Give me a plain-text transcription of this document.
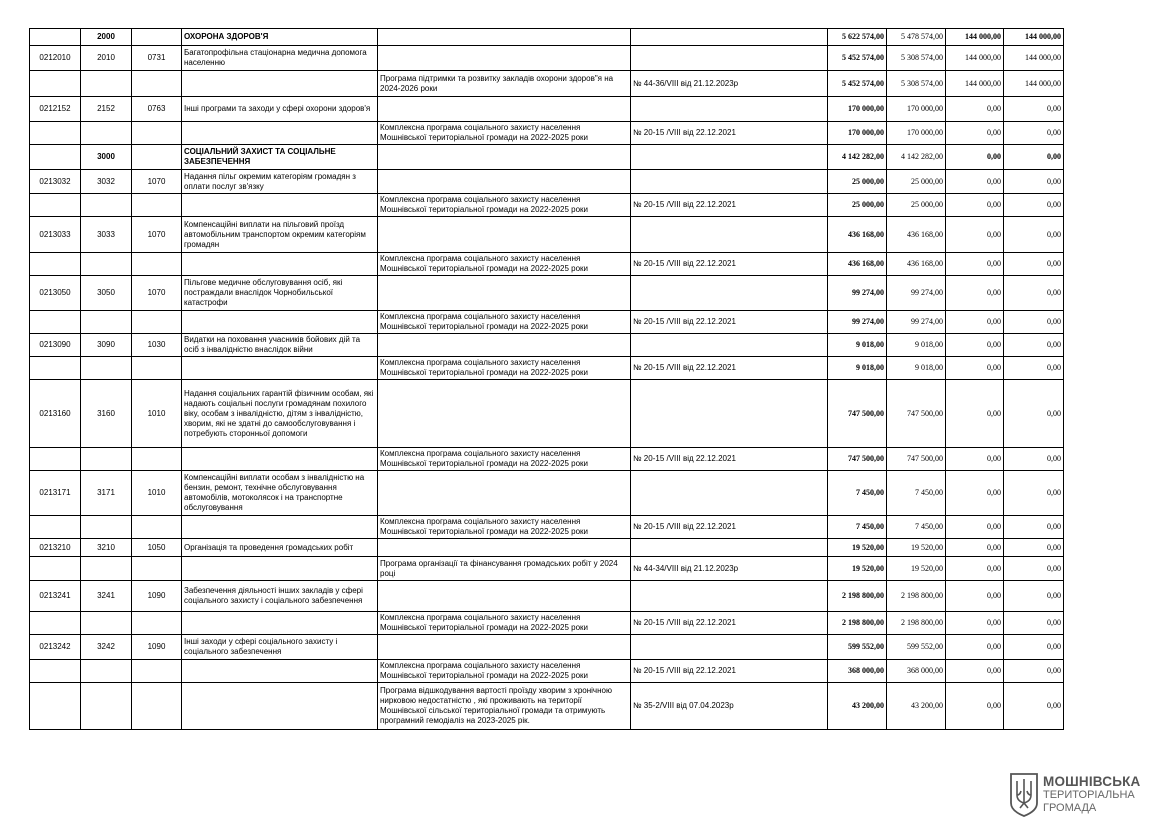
	2000		ОХОРОНА ЗДОРОВ'Я			5 622 574,00	5 478 574,00	144 000,00	144 000,00
0212010	2010	0731	Багатопрофільна стаціонарна медична допомога населенню			5 452 574,00	5 308 574,00	144 000,00	144 000,00
				Програма підтримки та розвитку закладів охорони здоров"я на 2024-2026 роки	№ 44-36/VIII від 21.12.2023р	5 452 574,00	5 308 574,00	144 000,00	144 000,00
0212152	2152	0763	Інші програми та заходи у сфері охорони здоров'я			170 000,00	170 000,00	0,00	0,00
				Комплексна програма соціального захисту населення Мошнівської територіальної громади на 2022-2025 роки	№ 20-15 /VIII від 22.12.2021	170 000,00	170 000,00	0,00	0,00
	3000		СОЦІАЛЬНИЙ ЗАХИСТ ТА СОЦІАЛЬНЕ ЗАБЕЗПЕЧЕННЯ			4 142 282,00	4 142 282,00	0,00	0,00
0213032	3032	1070	Надання пільг окремим категоріям громадян з оплати послуг зв'язку			25 000,00	25 000,00	0,00	0,00
				Комплексна програма соціального захисту населення Мошнівської територіальної громади на 2022-2025 роки	№ 20-15 /VIII від 22.12.2021	25 000,00	25 000,00	0,00	0,00
0213033	3033	1070	Компенсаційні виплати на пільговий проїзд автомобільним транспортом окремим категоріям громадян			436 168,00	436 168,00	0,00	0,00
				Комплексна програма соціального захисту населення Мошнівської територіальної громади на 2022-2025 роки	№ 20-15 /VIII від 22.12.2021	436 168,00	436 168,00	0,00	0,00
0213050	3050	1070	Пільгове медичне обслуговування осіб, які постраждали внаслідок Чорнобильської катастрофи			99 274,00	99 274,00	0,00	0,00
				Комплексна програма соціального захисту населення Мошнівської територіальної громади на 2022-2025 роки	№ 20-15 /VIII від 22.12.2021	99 274,00	99 274,00	0,00	0,00
0213090	3090	1030	Видатки на поховання учасників бойових дій та осіб з інвалідністю внаслідок війни			9 018,00	9 018,00	0,00	0,00
				Комплексна програма соціального захисту населення Мошнівської територіальної громади на 2022-2025 роки	№ 20-15 /VIII від 22.12.2021	9 018,00	9 018,00	0,00	0,00
0213160	3160	1010	Надання соціальних гарантій фізичним особам, які надають соціальні послуги громадянам похилого віку, особам з інвалідністю, дітям з інвалідністю, хворим, які не здатні до самообслуговування і потребують сторонньої допомоги			747 500,00	747 500,00	0,00	0,00
				Комплексна програма соціального захисту населення Мошнівської територіальної громади на 2022-2025 роки	№ 20-15 /VIII від 22.12.2021	747 500,00	747 500,00	0,00	0,00
0213171	3171	1010	Компенсаційні виплати особам з інвалідністю на бензин, ремонт, технічне обслуговування автомобілів, мотоколясок і на транспортне обслуговування			7 450,00	7 450,00	0,00	0,00
				Комплексна програма соціального захисту населення Мошнівської територіальної громади на 2022-2025 роки	№ 20-15 /VIII від 22.12.2021	7 450,00	7 450,00	0,00	0,00
0213210	3210	1050	Організація та проведення громадських робіт			19 520,00	19 520,00	0,00	0,00
				Програма організації та фінансування громадських робіт у 2024 році	№ 44-34/VIII від 21.12.2023р	19 520,00	19 520,00	0,00	0,00
0213241	3241	1090	Забезпечення діяльності інших закладів у сфері соціального захисту і соціального забезпечення			2 198 800,00	2 198 800,00	0,00	0,00
				Комплексна програма соціального захисту населення Мошнівської територіальної громади на 2022-2025 роки	№ 20-15 /VIII від 22.12.2021	2 198 800,00	2 198 800,00	0,00	0,00
0213242	3242	1090	Інші заходи у сфері соціального захисту і соціального забезпечення			599 552,00	599 552,00	0,00	0,00
				Комплексна програма соціального захисту населення Мошнівської територіальної громади на 2022-2025 роки	№ 20-15 /VIII від 22.12.2021	368 000,00	368 000,00	0,00	0,00
				Програма відшкодування вартості проїзду хворим з хронічною нирковою недостатністю , які проживають на території Мошнівської сільської територіальної громади та отримують програмний гемодіаліз на 2023-2025 рік.	№ 35-2/VIII від 07.04.2023р	43 200,00	43 200,00	0,00	0,00
МОШНІВСЬКА
ТЕРИТОРІАЛЬНА
ГРОМАДА
